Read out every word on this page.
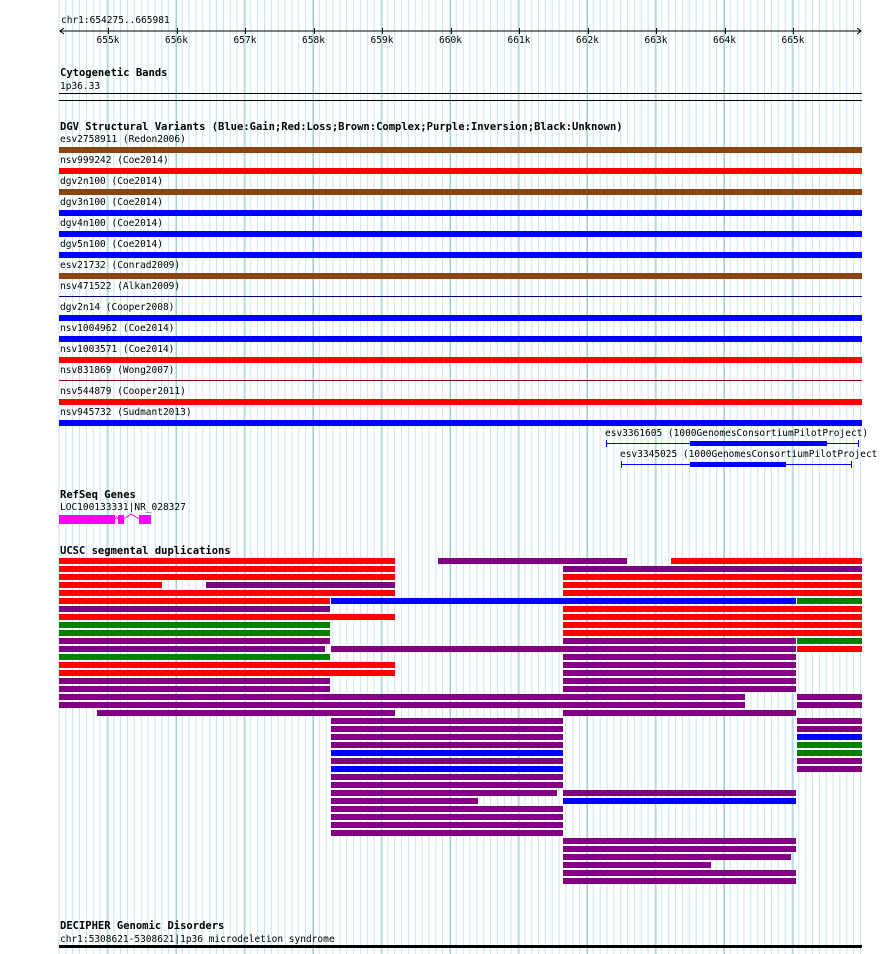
chr1:654275..665981
655k	656k	657k	658k	659k	660k	661k	662k	663k	664k	665k
Cytogenetic Bands
1p36.33
DGV Structural Variants (Blue:Gain;Red:Loss;Brown:Complex;Purple:Inversion;Black:Unknown)
esv2758911 (Redon2006)
nsv999242 (Coe2014)
dgv2n100 (Coe2014)
dgv3n100 (Coe2014)
dgv4n100 (Coe2014)
dgv5n100 (Coe2014)
esv21732 (Conrad2009)
nsv471522 (Alkan2009)
dgv2n14 (Cooper2008)
nsv1004962 (Coe2014)
nsv1003571 (Coe2014)
nsv831869 (Wong2007)
nsv544879 (Cooper2011)
nsv945732 (Sudmant2013)
esv3361605 (1000GenomesConsortiumPilotProject)
esv3345025 (1000GenomesConsortiumPilotProject
RefSeq Genes
LOC100133331|NR_028327
UCSC segmental duplications
DECIPHER Genomic Disorders
chr1:5308621-5308621|1p36 microdeletion syndrome
